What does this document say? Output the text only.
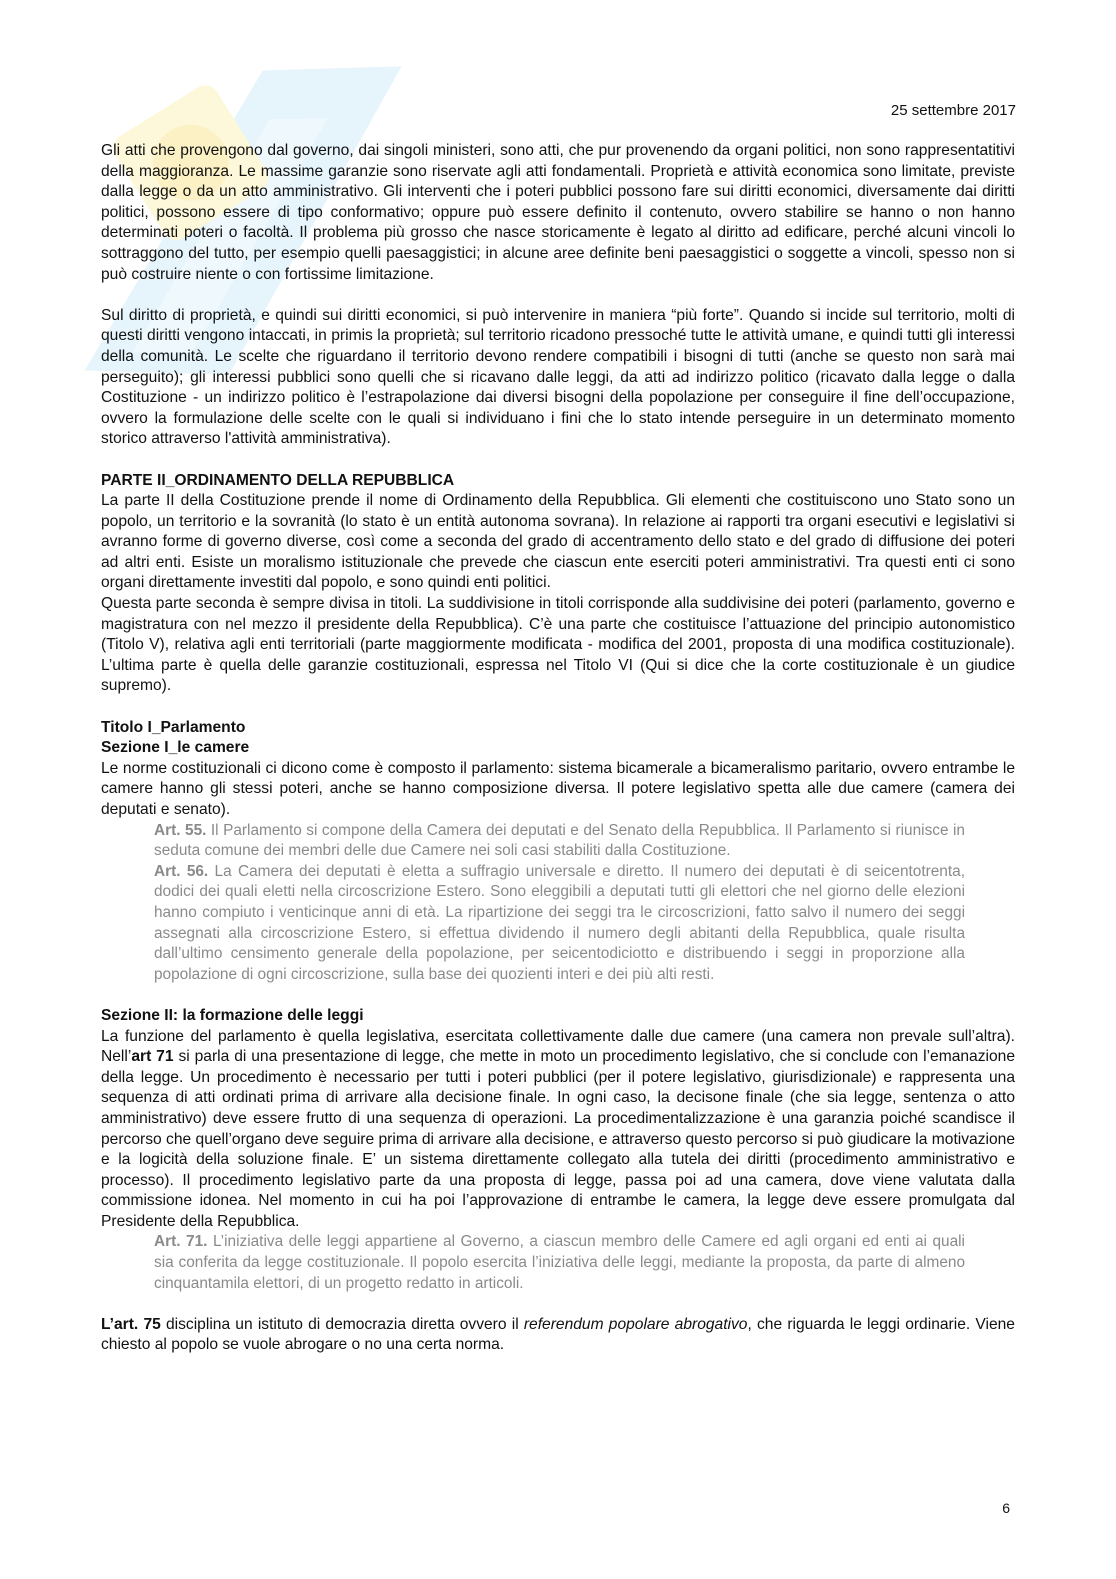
25 settembre 2017

Gli atti che provengono dal governo, dai singoli ministeri, sono atti, che pur provenendo da organi politici, non sono rappresentatitivi della maggioranza. Le massime garanzie sono riservate agli atti fondamentali. Proprietà e attività economica sono limitate, previste dalla legge o da un atto amministrativo. Gli interventi che i poteri pubblici possono fare sui diritti economici, diversamente dai diritti politici, possono essere di tipo conformativo; oppure può essere definito il contenuto, ovvero stabilire se hanno o non hanno determinati poteri o facoltà. Il problema più grosso che nasce storicamente è legato al diritto ad edificare, perché alcuni vincoli lo sottraggono del tutto, per esempio quelli paesaggistici; in alcune aree definite beni paesaggistici o soggette a vincoli, spesso non si può costruire niente o con fortissime limitazione.

Sul diritto di proprietà, e quindi sui diritti economici, si può intervenire in maniera “più forte”. Quando si incide sul territorio, molti di questi diritti vengono intaccati, in primis la proprietà; sul territorio ricadono pressoché tutte le attività umane, e quindi tutti gli interessi della comunità. Le scelte che riguardano il territorio devono rendere compatibili i bisogni di tutti (anche se questo non sarà mai perseguito); gli interessi pubblici sono quelli che si ricavano dalle leggi, da atti ad indirizzo politico (ricavato dalla legge o dalla Costituzione - un indirizzo politico è l’estrapolazione dai diversi bisogni della popolazione per conseguire il fine dell’occupazione, ovvero la formulazione delle scelte con le quali si individuano i fini che lo stato intende perseguire in un determinato momento storico attraverso l'attività amministrativa).

PARTE II_ORDINAMENTO DELLA REPUBBLICA

La parte II della Costituzione prende il nome di Ordinamento della Repubblica. Gli elementi che costituiscono uno Stato sono un popolo, un territorio e la sovranità (lo stato è un entità autonoma sovrana). In relazione ai rapporti tra organi esecutivi e legislativi si avranno forme di governo diverse, così come a seconda del grado di accentramento dello stato e del grado di diffusione dei poteri ad altri enti. Esiste un moralismo istituzionale che prevede che ciascun ente eserciti poteri amministrativi. Tra questi enti ci sono organi direttamente investiti dal popolo, e sono quindi enti politici.

Questa parte seconda è sempre divisa in titoli. La suddivisione in titoli corrisponde alla suddivisine dei poteri (parlamento, governo e magistratura con nel mezzo il presidente della Repubblica). C’è una parte che costituisce l’attuazione del principio autonomistico (Titolo V), relativa agli enti territoriali (parte maggiormente modificata - modifica del 2001, proposta di una modifica costituzionale). L’ultima parte è quella delle garanzie costituzionali, espressa nel Titolo VI (Qui si dice che la corte costituzionale è un giudice supremo).

Titolo I_Parlamento

Sezione I_le camere

Le norme costituzionali ci dicono come è composto il parlamento: sistema bicamerale a bicameralismo paritario, ovvero entrambe le camere hanno gli stessi poteri, anche se hanno composizione diversa. Il potere legislativo spetta alle due camere (camera dei deputati e senato).

Art. 55. Il Parlamento si compone della Camera dei deputati e del Senato della Repubblica. Il Parlamento si riunisce in seduta comune dei membri delle due Camere nei soli casi stabiliti dalla Costituzione.

Art. 56. La Camera dei deputati è eletta a suffragio universale e diretto. Il numero dei deputati è di seicentotrenta, dodici dei quali eletti nella circoscrizione Estero. Sono eleggibili a deputati tutti gli elettori che nel giorno delle elezioni hanno compiuto i venticinque anni di età. La ripartizione dei seggi tra le circoscrizioni, fatto salvo il numero dei seggi assegnati alla circoscrizione Estero, si effettua dividendo il numero degli abitanti della Repubblica, quale risulta dall’ultimo censimento generale della popolazione, per seicentodiciotto e distribuendo i seggi in proporzione alla popolazione di ogni circoscrizione, sulla base dei quozienti interi e dei più alti resti.

Sezione II: la formazione delle leggi

La funzione del parlamento è quella legislativa, esercitata collettivamente dalle due camere (una camera non prevale sull’altra). Nell’art 71 si parla di una presentazione di legge, che mette in moto un procedimento legislativo, che si conclude con l’emanazione della legge. Un procedimento è necessario per tutti i poteri pubblici (per il potere legislativo, giurisdizionale) e rappresenta una sequenza di atti ordinati prima di arrivare alla decisione finale. In ogni caso, la decisone finale (che sia legge, sentenza o atto amministrativo) deve essere frutto di una sequenza di operazioni. La procedimentalizzazione è una garanzia poiché scandisce il percorso che quell’organo deve seguire prima di arrivare alla decisione, e attraverso questo percorso si può giudicare la motivazione e la logicità della soluzione finale. E’ un sistema direttamente collegato alla tutela dei diritti (procedimento amministrativo e processo). Il procedimento legislativo parte da una proposta di legge, passa poi ad una camera, dove viene valutata dalla commissione idonea. Nel momento in cui ha poi l’approvazione di entrambe le camera, la legge deve essere promulgata dal Presidente della Repubblica.

Art. 71. L’iniziativa delle leggi appartiene al Governo, a ciascun membro delle Camere ed agli organi ed enti ai quali sia conferita da legge costituzionale. Il popolo esercita l’iniziativa delle leggi, mediante la proposta, da parte di almeno cinquantamila elettori, di un progetto redatto in articoli.

L’art. 75 disciplina un istituto di democrazia diretta ovvero il referendum popolare abrogativo, che riguarda le leggi ordinarie. Viene chiesto al popolo se vuole abrogare o no una certa norma.

6
